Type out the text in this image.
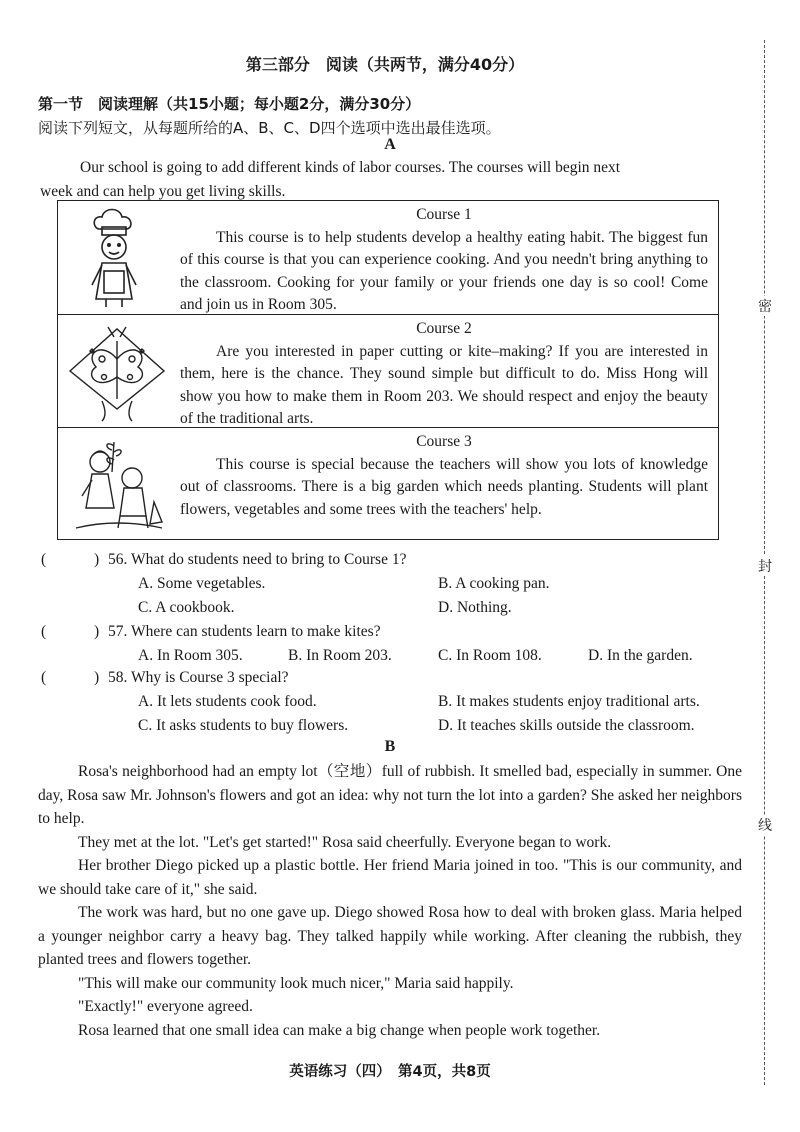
第三部分　阅读（共两节，满分40分）
第一节　阅读理解（共15小题；每小题2分，满分30分）
阅读下列短文，从每题所给的A、B、C、D四个选项中选出最佳选项。
A
Our school is going to add different kinds of labor courses. The courses will begin next
week and can help you get living skills.
Course 1
This course is to help students develop a healthy eating habit. The biggest fun of this course is that you can experience cooking. And you needn't bring anything to the classroom. Cooking for your family or your friends one day is so cool! Come and join us in Room 305.
Course 2
Are you interested in paper cutting or kite–making? If you are interested in them, here is the chance. They sound simple but difficult to do. Miss Hong will show you how to make them in Room 203. We should respect and enjoy the beauty of the traditional arts.
Course 3
This course is special because the teachers will show you lots of knowledge out of classrooms. There is a big garden which needs planting. Students will plant flowers, vegetables and some trees with the teachers' help.
(	) 56. What do students need to bring to Course 1?
A. Some vegetables.	B. A cooking pan.
C. A cookbook.	D. Nothing.
(	) 57. Where can students learn to make kites?
A. In Room 305.	B. In Room 203.	C. In Room 108.	D. In the garden.
(	) 58. Why is Course 3 special?
A. It lets students cook food.	B. It makes students enjoy traditional arts.
C. It asks students to buy flowers.	D. It teaches skills outside the classroom.
B

Rosa's neighborhood had an empty lot（空地）full of rubbish. It smelled bad, especially in summer. One day, Rosa saw Mr. Johnson's flowers and got an idea: why not turn the lot into a garden? She asked her neighbors to help.

They met at the lot. "Let's get started!" Rosa said cheerfully. Everyone began to work.

Her brother Diego picked up a plastic bottle. Her friend Maria joined in too. "This is our community, and we should take care of it," she said.

The work was hard, but no one gave up. Diego showed Rosa how to deal with broken glass. Maria helped a younger neighbor carry a heavy bag. They talked happily while working. After cleaning the rubbish, they planted trees and flowers together.

"This will make our community look much nicer," Maria said happily.

"Exactly!" everyone agreed.

Rosa learned that one small idea can make a big change when people work together.

英语练习（四）　第4页，共8页
密
封
线
